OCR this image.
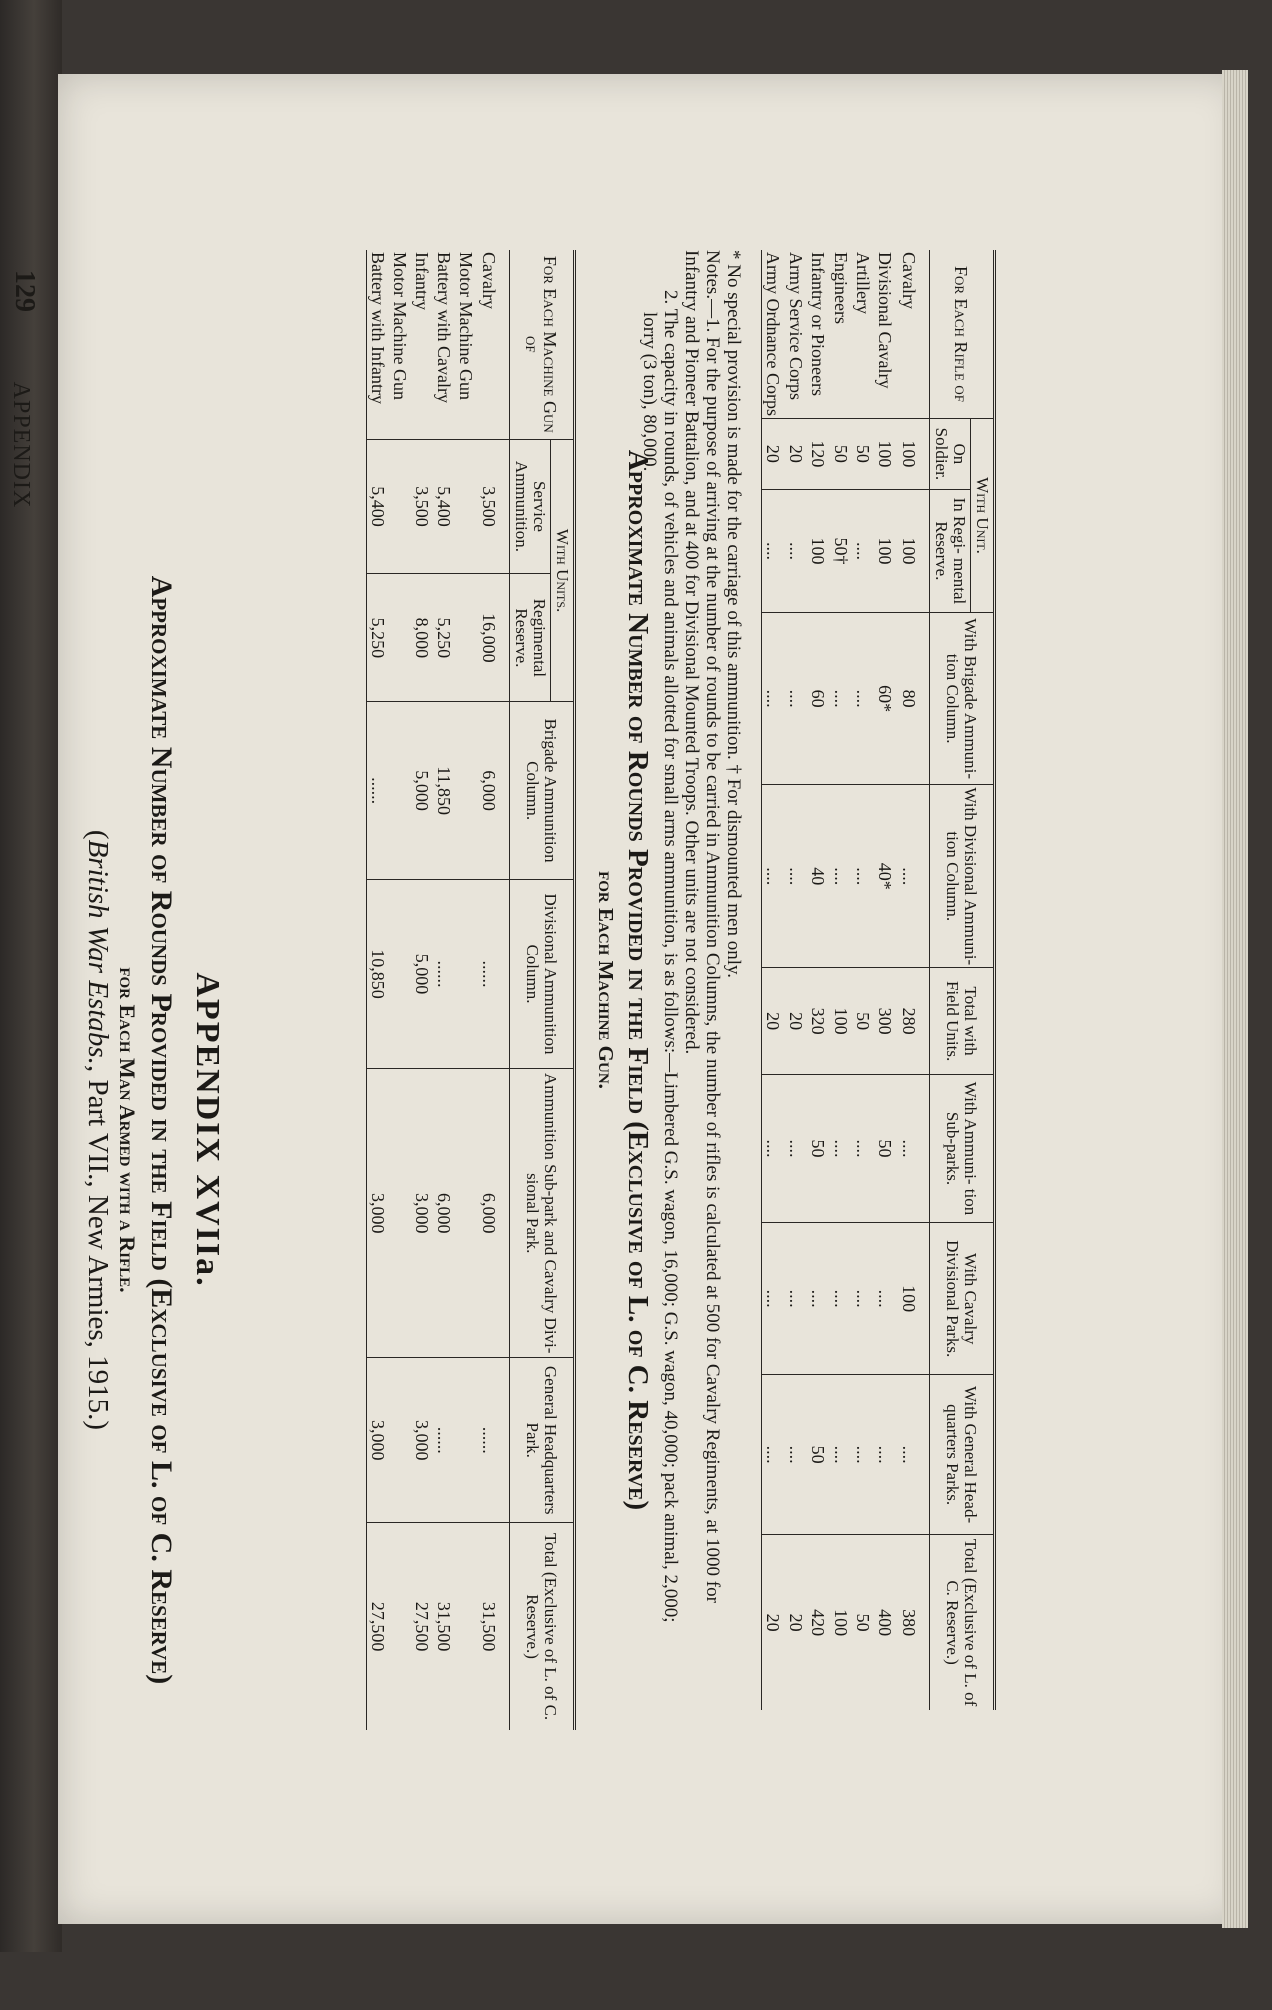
APPENDIX
129
APPENDIX XVIIa.
Approximate Number of Rounds Provided in the Field (Exclusive of L. of C. Reserve)
for Each Man Armed with a Rifle.
(British War Estabs., Part VII., New Armies, 1915.)
For Each Rifle of	With Unit.		With Brigade Ammuni- tion Column.	With Divisional Ammuni- tion Column.	Total with Field Units.	With Ammuni- tion Sub-parks.	With Cavalry Divisional Parks.	With General Head- quarters Parks.	Total (Exclusive of L. of C. Reserve.)
	On Soldier.	In Regi- mental Reserve.							
Cavalry	100	100	80	....	280	....	100	....	380
Divisional Cavalry	100	100	60*	40*	300	50	....	....	400
Artillery	50	....	....	....	50	....	....	....	50
Engineers	50	50†	....	....	100	....	....	....	100
Infantry or Pioneers	120	100	60	40	320	50	....	50	420
Army Service Corps	20	....	....	....	20	....	....	....	20
Army Ordnance Corps	20	....	....	....	20	....	....	....	20

* No special provision is made for the carriage of this ammunition. † For dismounted men only.

Notes.—1. For the purpose of arriving at the number of rounds to be carried in Ammunition Columns, the number of rifles is calculated at 500 for Cavalry Regiments, at 1000 for Infantry and Pioneer Battalion, and at 400 for Divisional Mounted Troops. Other units are not considered.

2. The capacity in rounds, of vehicles and animals allotted for small arms ammunition, is as follows:—Limbered G.S. wagon, 16,000; G.S. wagon, 40,000; pack animal, 2,000; lorry (3 ton), 80,000.

Approximate Number of Rounds Provided in the Field (Exclusive of L. of C. Reserve)
for Each Machine Gun.
For Each Machine Gun of	With Units.		Brigade Ammunition Column.	Divisional Ammunition Column.	Ammunition Sub-park and Cavalry Divi- sional Park.	General Headquarters Park.	Total (Exclusive of L. of C. Reserve.)
	Service Ammunition.	Regimental Reserve.					
Cavalry	3,500	16,000	6,000	......	6,000	......	31,500
Motor Machine Gun							
Battery with Cavalry	5,400	5,250	11,850	......	6,000	......	31,500
Infantry	3,500	8,000	5,000	5,000	3,000	3,000	27,500
Motor Machine Gun							
Battery with Infantry	5,400	5,250	......	10,850	3,000	3,000	27,500
